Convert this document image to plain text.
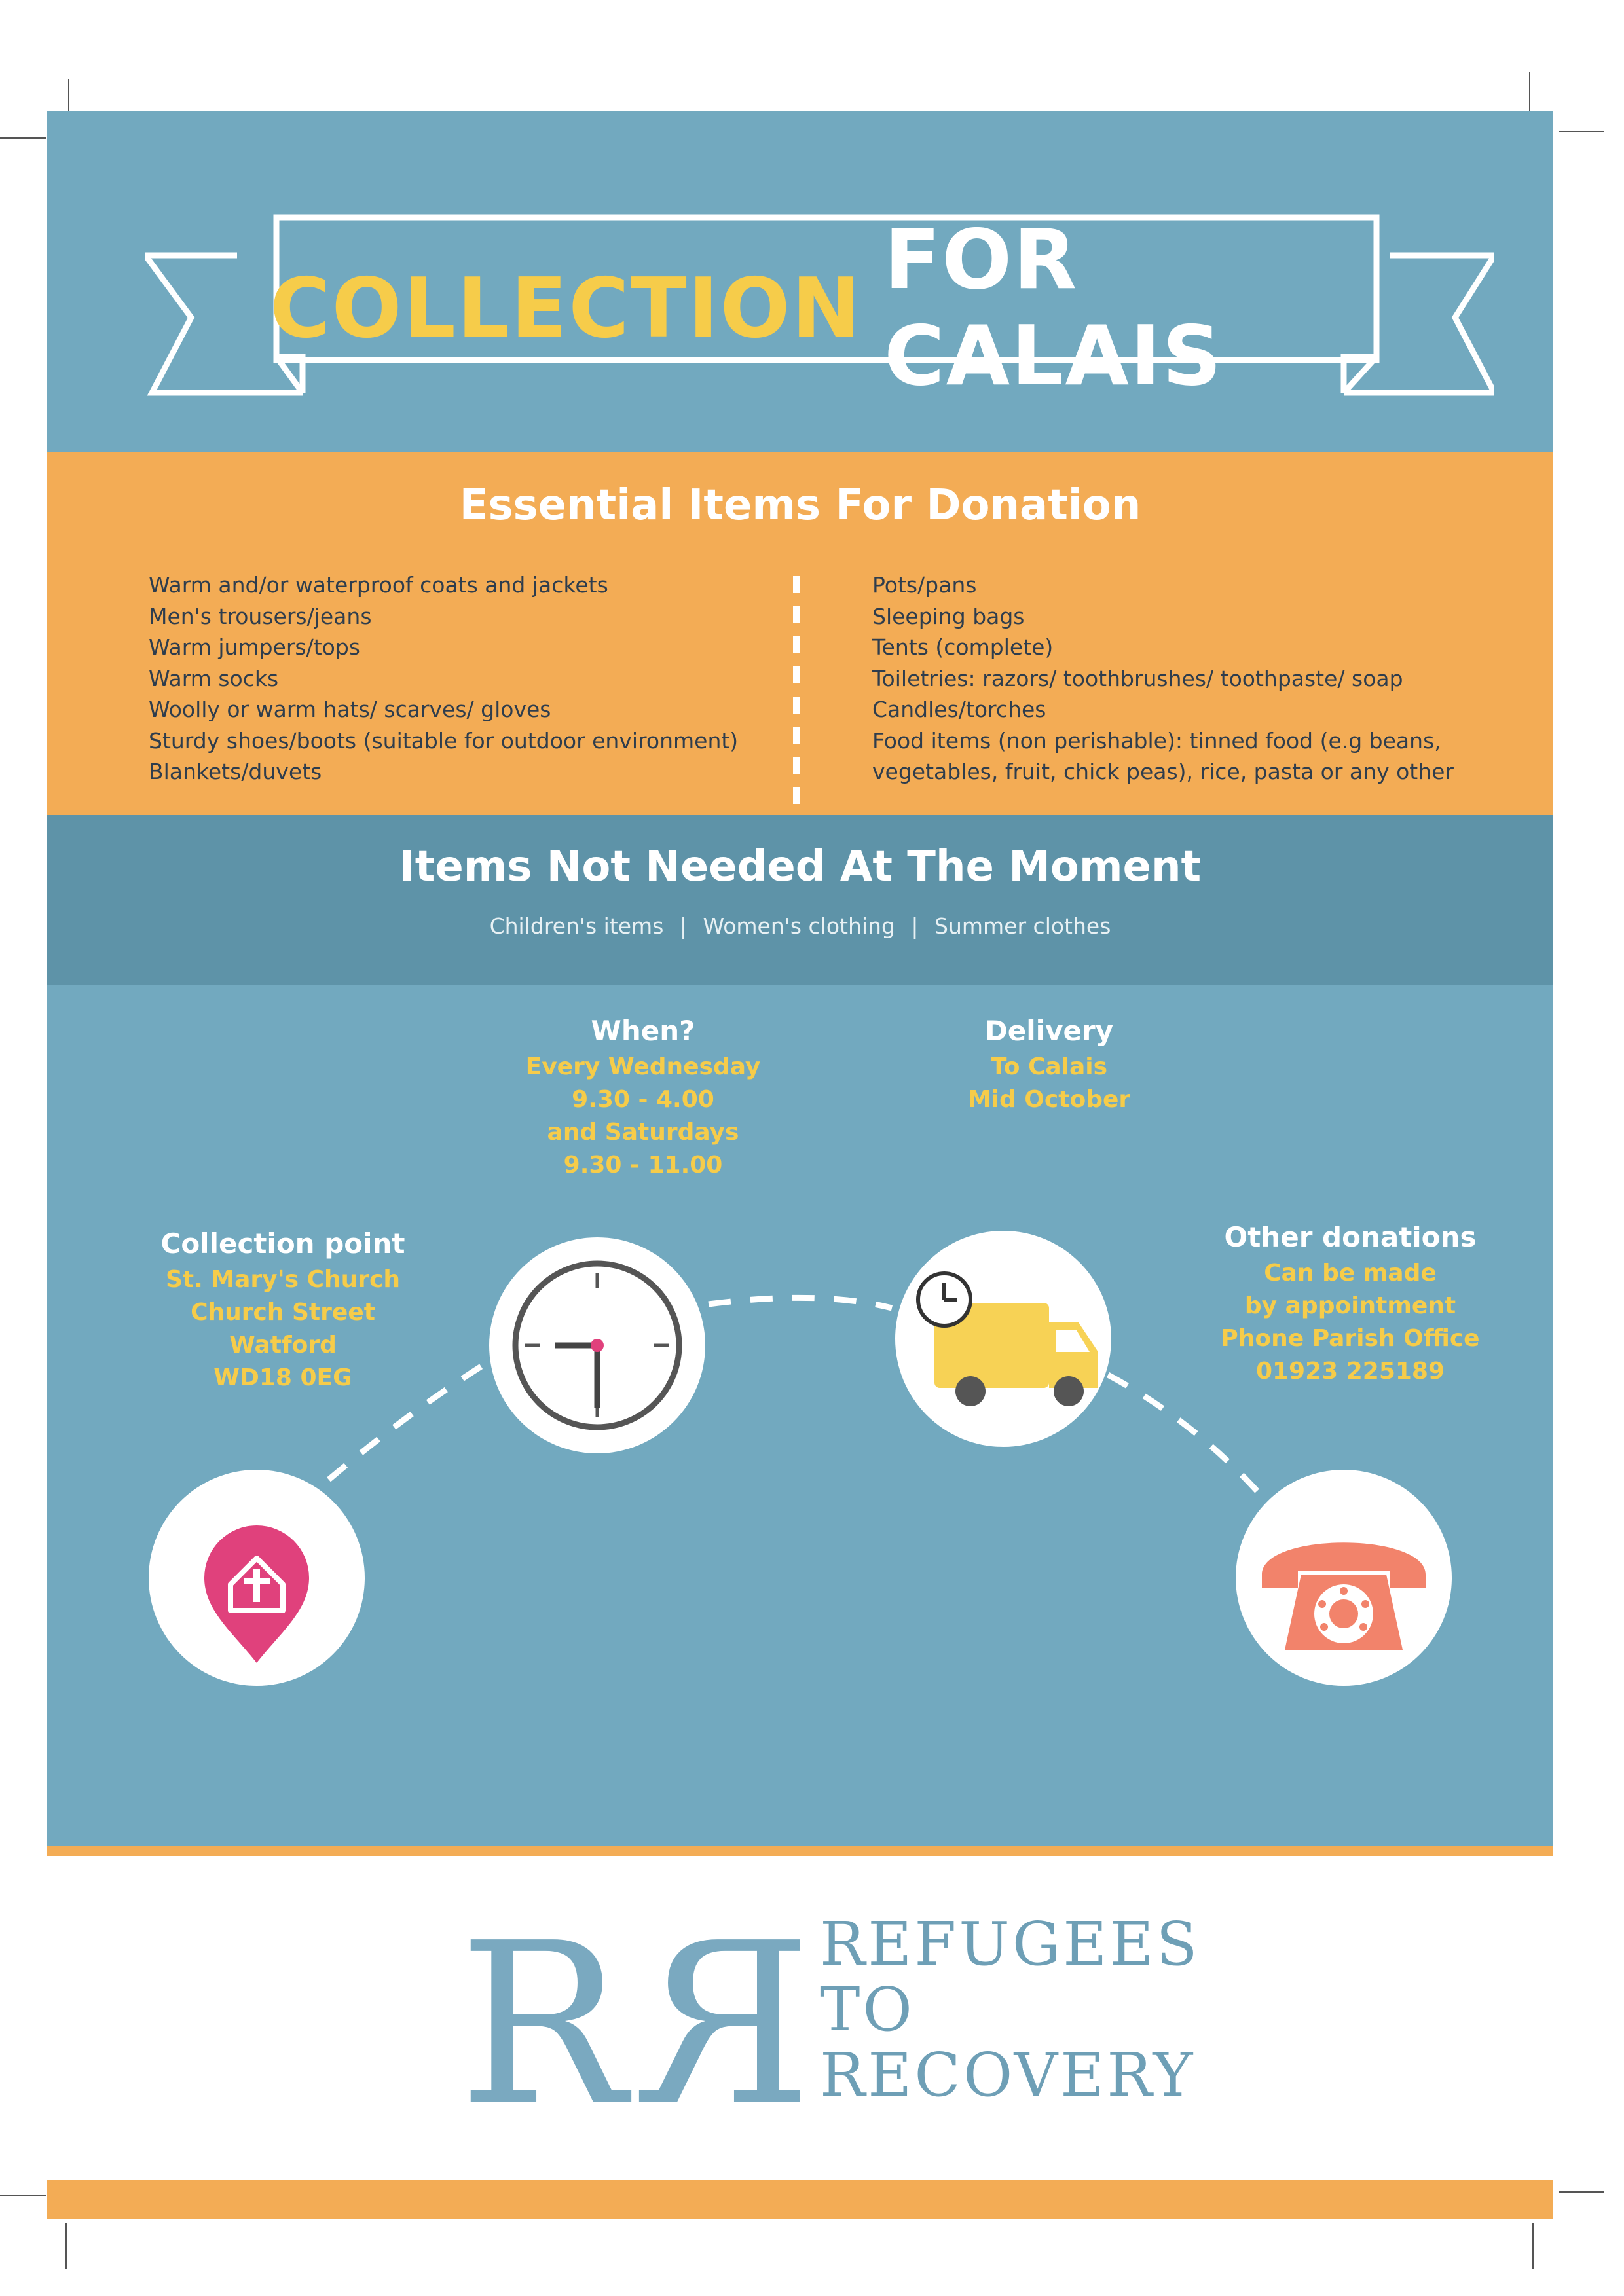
COLLECTION FOR CALAIS
Essential Items For Donation
Warm and/or waterproof coats and jackets
Men's trousers/jeans
Warm jumpers/tops
Warm socks
Woolly or warm hats/ scarves/ gloves
Sturdy shoes/boots (suitable for outdoor environment)
Blankets/duvets
Pots/pans
Sleeping bags
Tents (complete)
Toiletries: razors/ toothbrushes/ toothpaste/ soap
Candles/torches
Food items (non perishable): tinned food (e.g beans, vegetables, fruit, chick peas), rice, pasta or any other
Items Not Needed At The Moment
Children's items | Women's clothing | Summer clothes
When?
Every Wednesday
9.30 - 4.00
and Saturdays
9.30 - 11.00
Delivery
To Calais
Mid October
Collection point
St. Mary's Church
Church Street
Watford
WD18 0EG
Other donations
Can be made
by appointment
Phone Parish Office
01923 225189
R R REFUGEES
TO
RECOVERY
